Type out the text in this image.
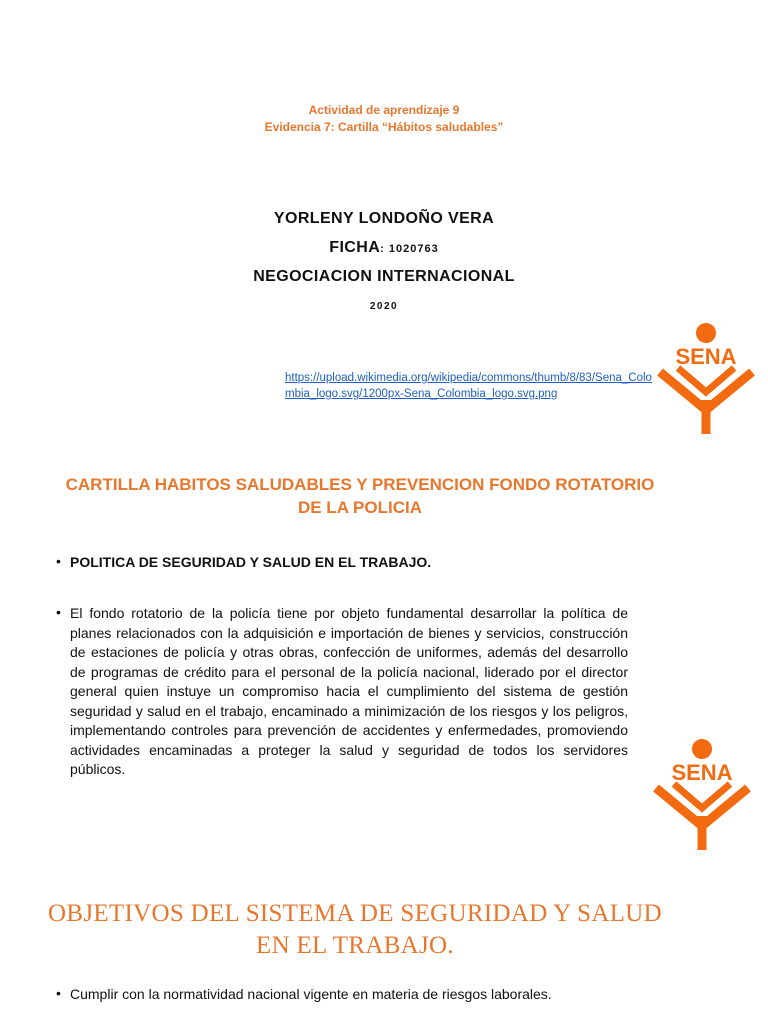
Actividad de aprendizaje 9
Evidencia 7: Cartilla “Hábitos saludables”
YORLENY LONDOÑO VERA
FICHA: 1020763
NEGOCIACION INTERNACIONAL
2020
https://upload.wikimedia.org/wikipedia/commons/thumb/8/83/Sena_Colombia_logo.svg/1200px-Sena_Colombia_logo.svg.png
SENA
CARTILLA HABITOS SALUDABLES Y PREVENCION FONDO ROTATORIO DE LA POLICIA
• POLITICA DE SEGURIDAD Y SALUD EN EL TRABAJO.
• El fondo rotatorio de la policía tiene por objeto fundamental desarrollar la política de planes relacionados con la adquisición e importación de bienes y servicios, construcción de estaciones de policía y otras obras, confección de uniformes, además del desarrollo de programas de crédito para el personal de la policía nacional, liderado por el director general quien instuye un compromiso hacia el cumplimiento del sistema de gestión seguridad y salud en el trabajo, encaminado a minimización de los riesgos y los peligros, implementando controles para prevención de accidentes y enfermedades, promoviendo actividades encaminadas a proteger la salud y seguridad de todos los servidores públicos.	SENA
OBJETIVOS DEL SISTEMA DE SEGURIDAD Y SALUD EN EL TRABAJO.
• Cumplir con la normatividad nacional vigente en materia de riesgos laborales.
